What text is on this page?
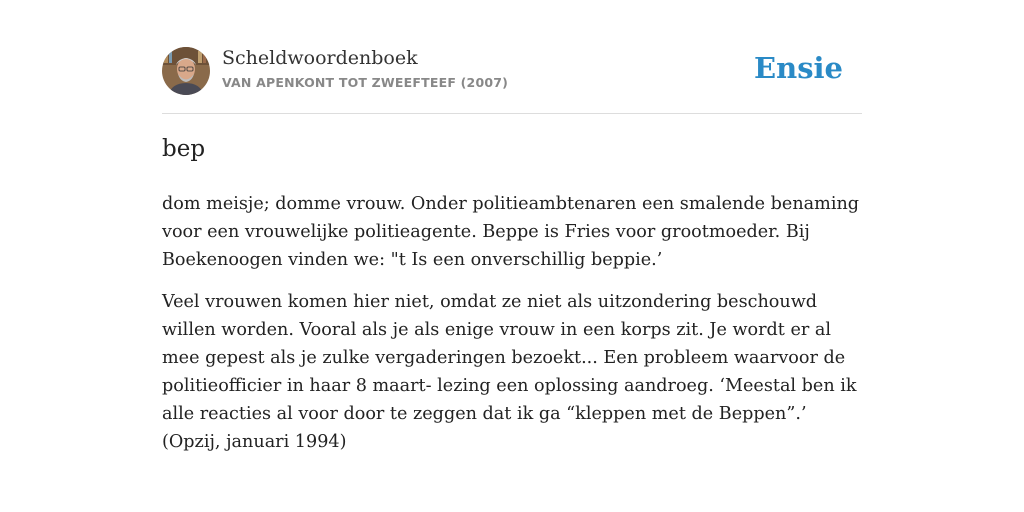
Scheldwoordenboek
VAN APENKONT TOT ZWEEFTEEF (2007)	Ensie
bep

dom meisje; domme vrouw. Onder politieambtenaren een smalende benaming voor een vrouwelijke politieagente. Beppe is Fries voor grootmoeder. Bij Boekenoogen vinden we: "t Is een onverschillig beppie.’

Veel vrouwen komen hier niet, omdat ze niet als uitzondering beschouwd willen worden. Vooral als je als enige vrouw in een korps zit. Je wordt er al mee gepest als je zulke vergaderingen bezoekt... Een probleem waarvoor de politieofficier in haar 8 maart- lezing een oplossing aandroeg. ‘Meestal ben ik alle reacties al voor door te zeggen dat ik ga “kleppen met de Beppen”.’ (Opzij, januari 1994)
